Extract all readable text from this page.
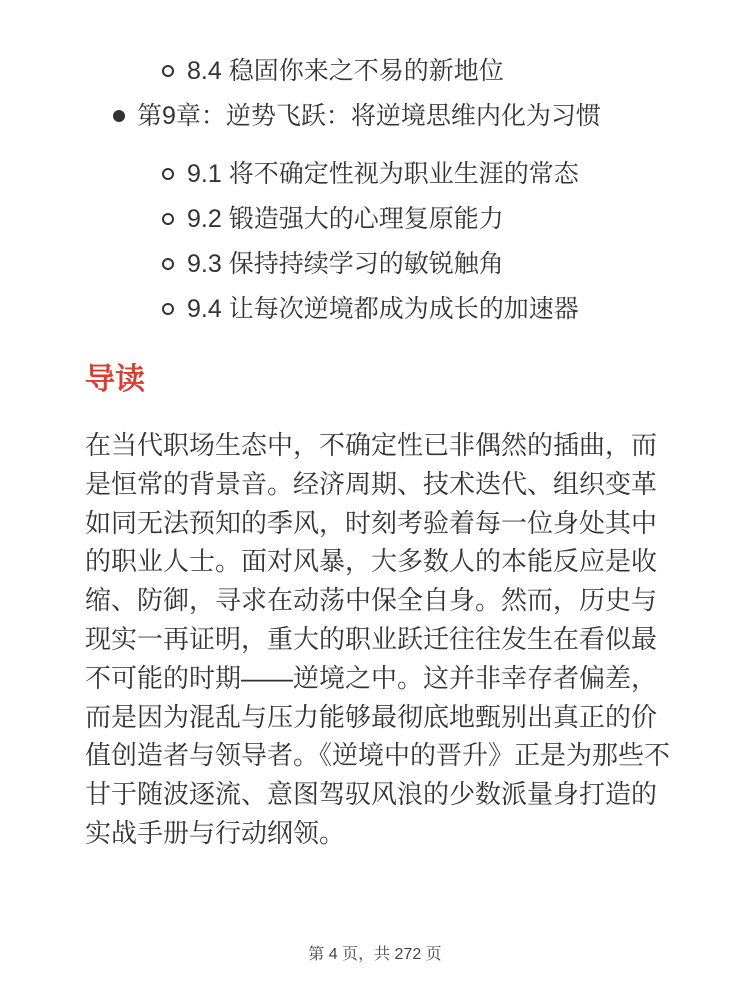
8.4 稳固你来之不易的新地位
第9章：逆势飞跃：将逆境思维内化为习惯
9.1 将不确定性视为职业生涯的常态
9.2 锻造强大的心理复原能力
9.3 保持持续学习的敏锐触角
9.4 让每次逆境都成为成长的加速器
导读

在当代职场生态中，不确定性已非偶然的插曲，而是恒常的背景音。经济周期、技术迭代、组织变革如同无法预知的季风，时刻考验着每一位身处其中的职业人士。面对风暴，大多数人的本能反应是收缩、防御，寻求在动荡中保全自身。然而，历史与现实一再证明，重大的职业跃迁往往发生在看似最不可能的时期——逆境之中。这并非幸存者偏差，而是因为混乱与压力能够最彻底地甄别出真正的价值创造者与领导者。《逆境中的晋升》正是为那些不甘于随波逐流、意图驾驭风浪的少数派量身打造的实战手册与行动纲领。

第 4 页，共 272 页
